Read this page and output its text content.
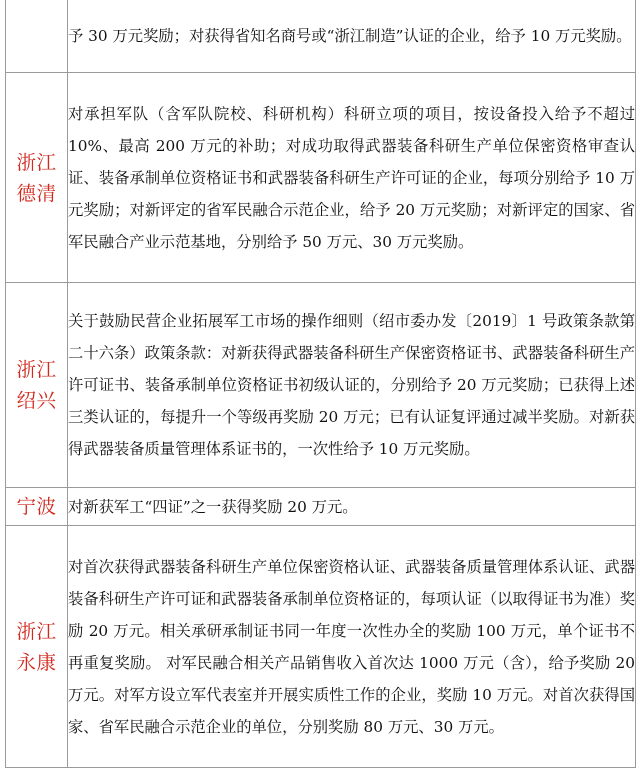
	予 30 万元奖励；对获得省知名商号或“浙江制造”认证的企业，给予 10 万元奖励。

浙江
德清	对承担军队（含军队院校、科研机构）科研立项的项目，按设备投入给予不超过 10%、最高 200 万元的补助；对成功取得武器装备科研生产单位保密资格审查认证、装备承制单位资格证书和武器装备科研生产许可证的企业，每项分别给予 10 万元奖励；对新评定的省军民融合示范企业，给予 20 万元奖励；对新评定的国家、省军民融合产业示范基地，分别给予 50 万元、30 万元奖励。

浙江
绍兴	关于鼓励民营企业拓展军工市场的操作细则（绍市委办发〔2019〕1 号政策条款第二十六条）政策条款：对新获得武器装备科研生产保密资格证书、武器装备科研生产许可证书、装备承制单位资格证书初级认证的，分别给予 20 万元奖励；已获得上述三类认证的，每提升一个等级再奖励 20 万元；已有认证复评通过减半奖励。对新获得武器装备质量管理体系证书的，一次性给予 10 万元奖励。

宁波	对新获军工“四证”之一获得奖励 20 万元。

浙江
永康	对首次获得武器装备科研生产单位保密资格认证、武器装备质量管理体系认证、武器装备科研生产许可证和武器装备承制单位资格证的，每项认证（以取得证书为准）奖励 20 万元。相关承研承制证书同一年度一次性办全的奖励 100 万元，单个证书不再重复奖励。 对军民融合相关产品销售收入首次达 1000 万元（含），给予奖励 20 万元。对军方设立军代表室并开展实质性工作的企业，奖励 10 万元。对首次获得国家、省军民融合示范企业的单位，分别奖励 80 万元、30 万元。
